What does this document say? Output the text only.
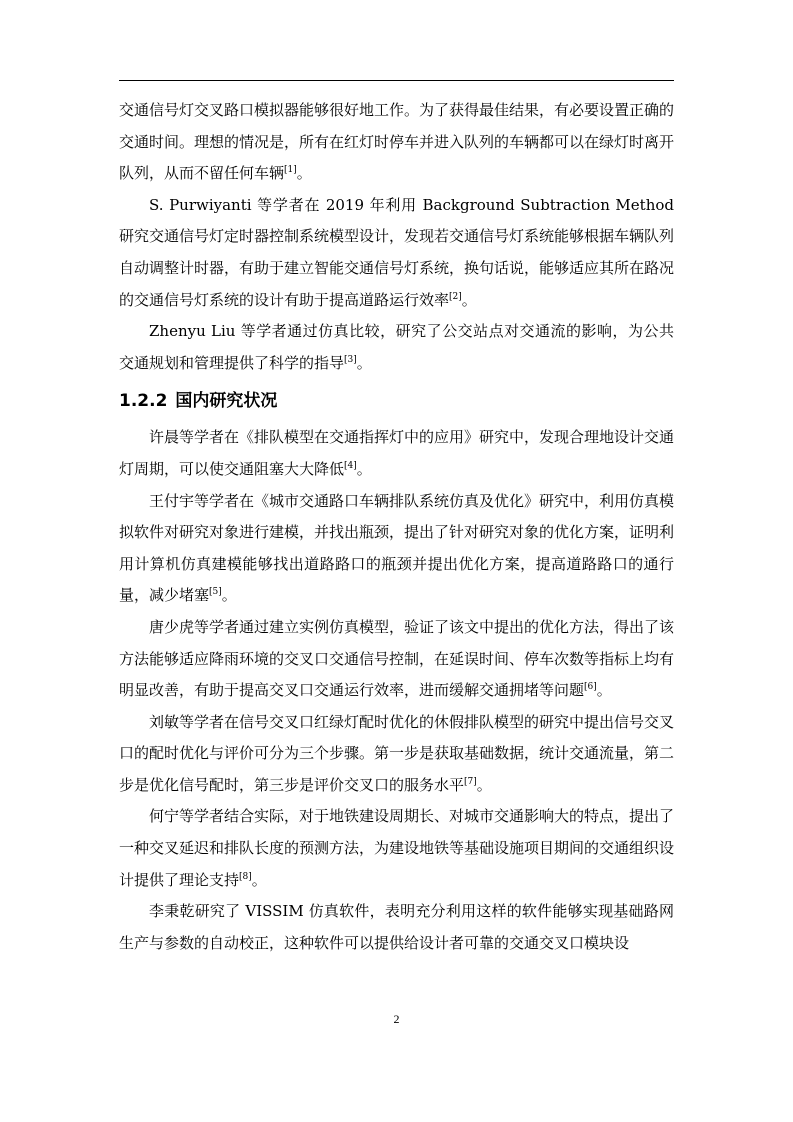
交通信号灯交叉路口模拟器能够很好地工作。为了获得最佳结果，有必要设置正确的交通时间。理想的情况是，所有在红灯时停车并进入队列的车辆都可以在绿灯时离开队列，从而不留任何车辆[1]。

S. Purwiyanti 等学者在 2019 年利用 Background Subtraction Method 研究交通信号灯定时器控制系统模型设计，发现若交通信号灯系统能够根据车辆队列自动调整计时器，有助于建立智能交通信号灯系统，换句话说，能够适应其所在路况的交通信号灯系统的设计有助于提高道路运行效率[2]。

Zhenyu Liu 等学者通过仿真比较，研究了公交站点对交通流的影响，为公共交通规划和管理提供了科学的指导[3]。

1.2.2 国内研究状况

许晨等学者在《排队模型在交通指挥灯中的应用》研究中，发现合理地设计交通灯周期，可以使交通阻塞大大降低[4]。

王付宇等学者在《城市交通路口车辆排队系统仿真及优化》研究中，利用仿真模拟软件对研究对象进行建模，并找出瓶颈，提出了针对研究对象的优化方案，证明利用计算机仿真建模能够找出道路路口的瓶颈并提出优化方案，提高道路路口的通行量，减少堵塞[5]。

唐少虎等学者通过建立实例仿真模型，验证了该文中提出的优化方法，得出了该方法能够适应降雨环境的交叉口交通信号控制，在延误时间、停车次数等指标上均有明显改善，有助于提高交叉口交通运行效率，进而缓解交通拥堵等问题[6]。

刘敏等学者在信号交叉口红绿灯配时优化的休假排队模型的研究中提出信号交叉口的配时优化与评价可分为三个步骤。第一步是获取基础数据，统计交通流量，第二步是优化信号配时，第三步是评价交叉口的服务水平[7]。

何宁等学者结合实际，对于地铁建设周期长、对城市交通影响大的特点，提出了一种交叉延迟和排队长度的预测方法，为建设地铁等基础设施项目期间的交通组织设计提供了理论支持[8]。

李秉乾研究了 VISSIM 仿真软件，表明充分利用这样的软件能够实现基础路网生产与参数的自动校正，这种软件可以提供给设计者可靠的交通交叉口模块设

2
